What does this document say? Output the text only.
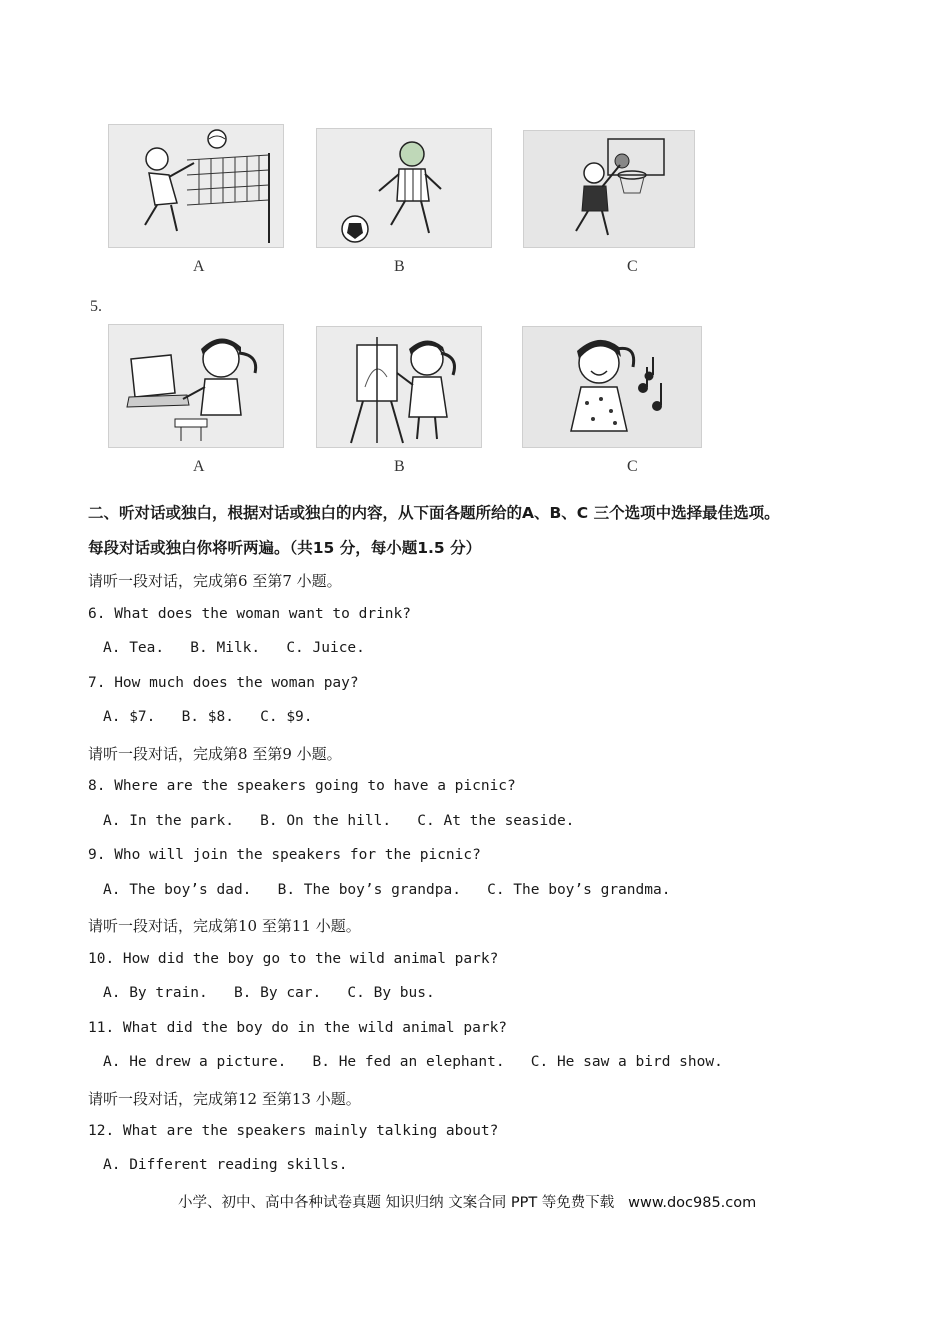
A	B	C
5.
A	B	C
二、听对话或独白，根据对话或独白的内容，从下面各题所给的A、B、C 三个选项中选择最佳选项。
每段对话或独白你将听两遍。（共15 分，每小题1.5 分）
请听一段对话，完成第6 至第7 小题。
6. What does the woman want to drink?
A. Tea.   B. Milk.   C. Juice.
7. How much does the woman pay?
A. $7.   B. $8.   C. $9.
请听一段对话，完成第8 至第9 小题。
8. Where are the speakers going to have a picnic?
A. In the park.   B. On the hill.   C. At the seaside.
9. Who will join the speakers for the picnic?
A. The boy’s dad.   B. The boy’s grandpa.   C. The boy’s grandma.
请听一段对话，完成第10 至第11 小题。
10. How did the boy go to the wild animal park?
A. By train.   B. By car.   C. By bus.
11. What did the boy do in the wild animal park?
A. He drew a picture.   B. He fed an elephant.   C. He saw a bird show.
请听一段对话，完成第12 至第13 小题。
12. What are the speakers mainly talking about?
A. Different reading skills.
小学、初中、高中各种试卷真题 知识归纳 文案合同 PPT 等免费下载   www.doc985.com
